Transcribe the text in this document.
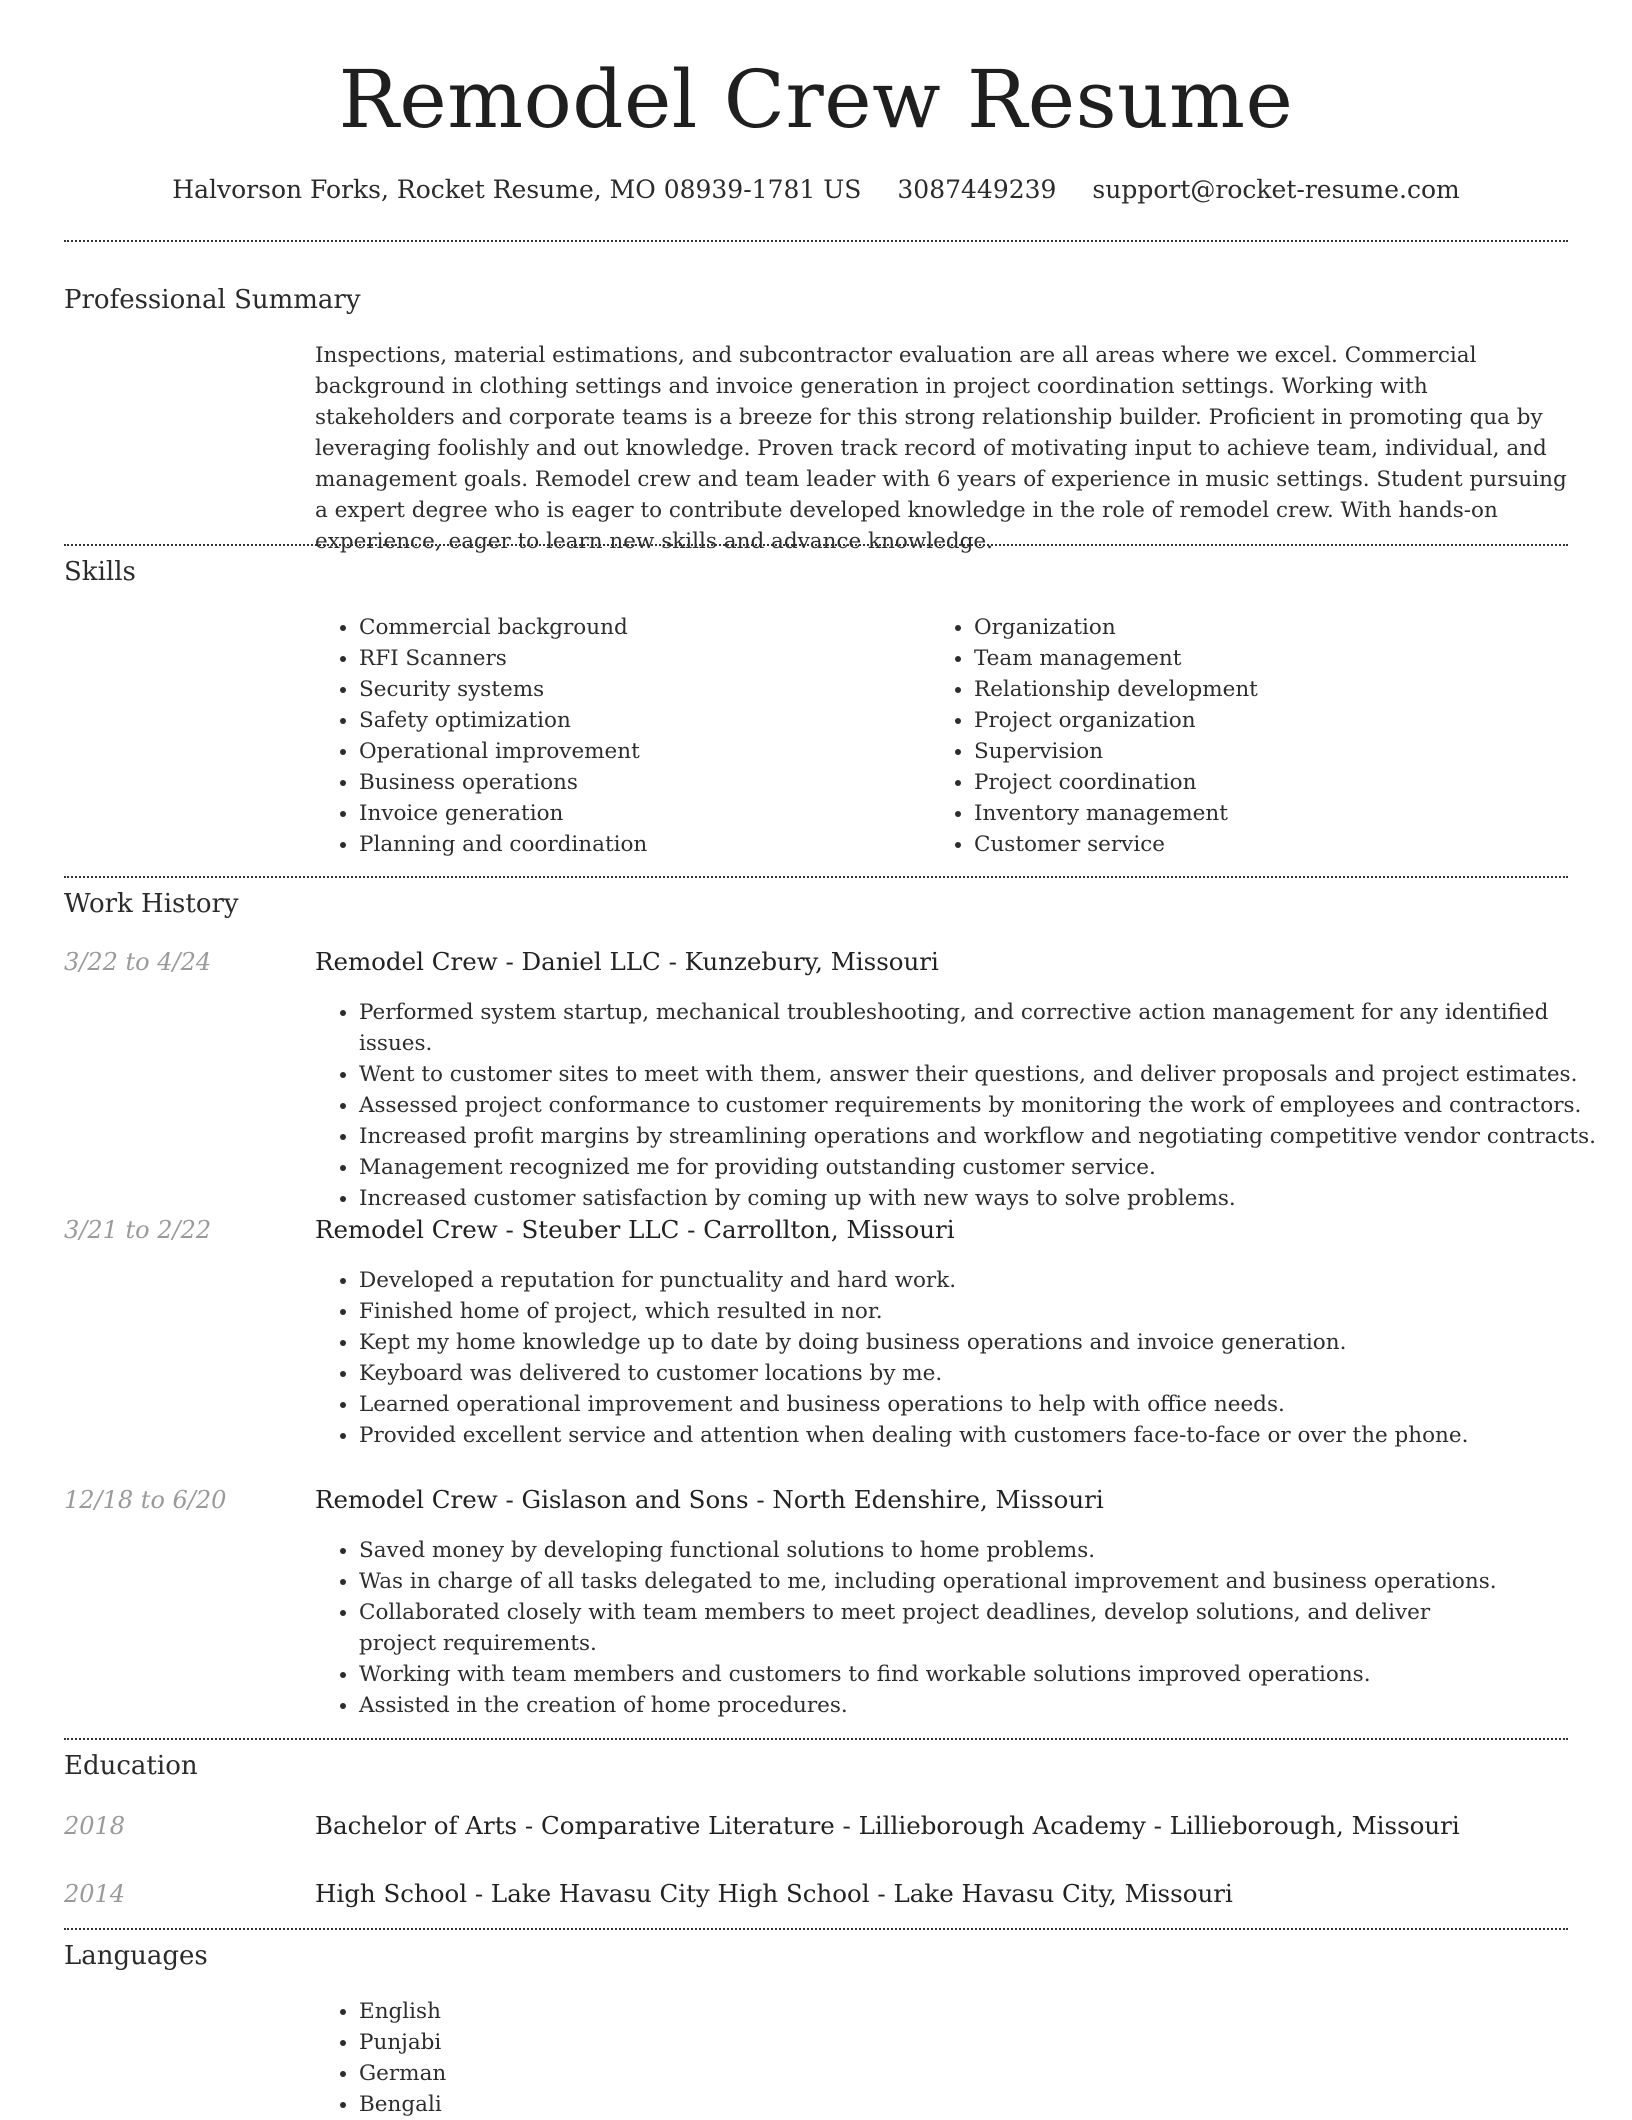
Remodel Crew Resume
Halvorson Forks, Rocket Resume, MO 08939-1781 US 3087449239 support@rocket-resume.com
Professional Summary

Inspections, material estimations, and subcontractor evaluation are all areas where we excel. Commercial background in clothing settings and invoice generation in project coordination settings. Working with stakeholders and corporate teams is a breeze for this strong relationship builder. Proficient in promoting qua by leveraging foolishly and out knowledge. Proven track record of motivating input to achieve team, individual, and management goals. Remodel crew and team leader with 6 years of experience in music settings. Student pursuing a expert degree who is eager to contribute developed knowledge in the role of remodel crew. With hands-on experience, eager to learn new skills and advance knowledge.

Skills
• Commercial background
• RFI Scanners
• Security systems
• Safety optimization
• Operational improvement
• Business operations
• Invoice generation
• Planning and coordination
• Organization
• Team management
• Relationship development
• Project organization
• Supervision
• Project coordination
• Inventory management
• Customer service
Work History
3/22 to 4/24	Remodel Crew - Daniel LLC - Kunzebury, Missouri
• Performed system startup, mechanical troubleshooting, and corrective action management for any identified issues.
• Went to customer sites to meet with them, answer their questions, and deliver proposals and project estimates.
• Assessed project conformance to customer requirements by monitoring the work of employees and contractors.
• Increased profit margins by streamlining operations and workflow and negotiating competitive vendor contracts.
• Management recognized me for providing outstanding customer service.
• Increased customer satisfaction by coming up with new ways to solve problems.
3/21 to 2/22	Remodel Crew - Steuber LLC - Carrollton, Missouri
• Developed a reputation for punctuality and hard work.
• Finished home of project, which resulted in nor.
• Kept my home knowledge up to date by doing business operations and invoice generation.
• Keyboard was delivered to customer locations by me.
• Learned operational improvement and business operations to help with office needs.
• Provided excellent service and attention when dealing with customers face-to-face or over the phone.
12/18 to 6/20	Remodel Crew - Gislason and Sons - North Edenshire, Missouri
• Saved money by developing functional solutions to home problems.
• Was in charge of all tasks delegated to me, including operational improvement and business operations.
• Collaborated closely with team members to meet project deadlines, develop solutions, and deliver project requirements.
• Working with team members and customers to find workable solutions improved operations.
• Assisted in the creation of home procedures.
Education
2018	Bachelor of Arts - Comparative Literature - Lillieborough Academy - Lillieborough, Missouri
2014	High School - Lake Havasu City High School - Lake Havasu City, Missouri
Languages
• English
• Punjabi
• German
• Bengali
